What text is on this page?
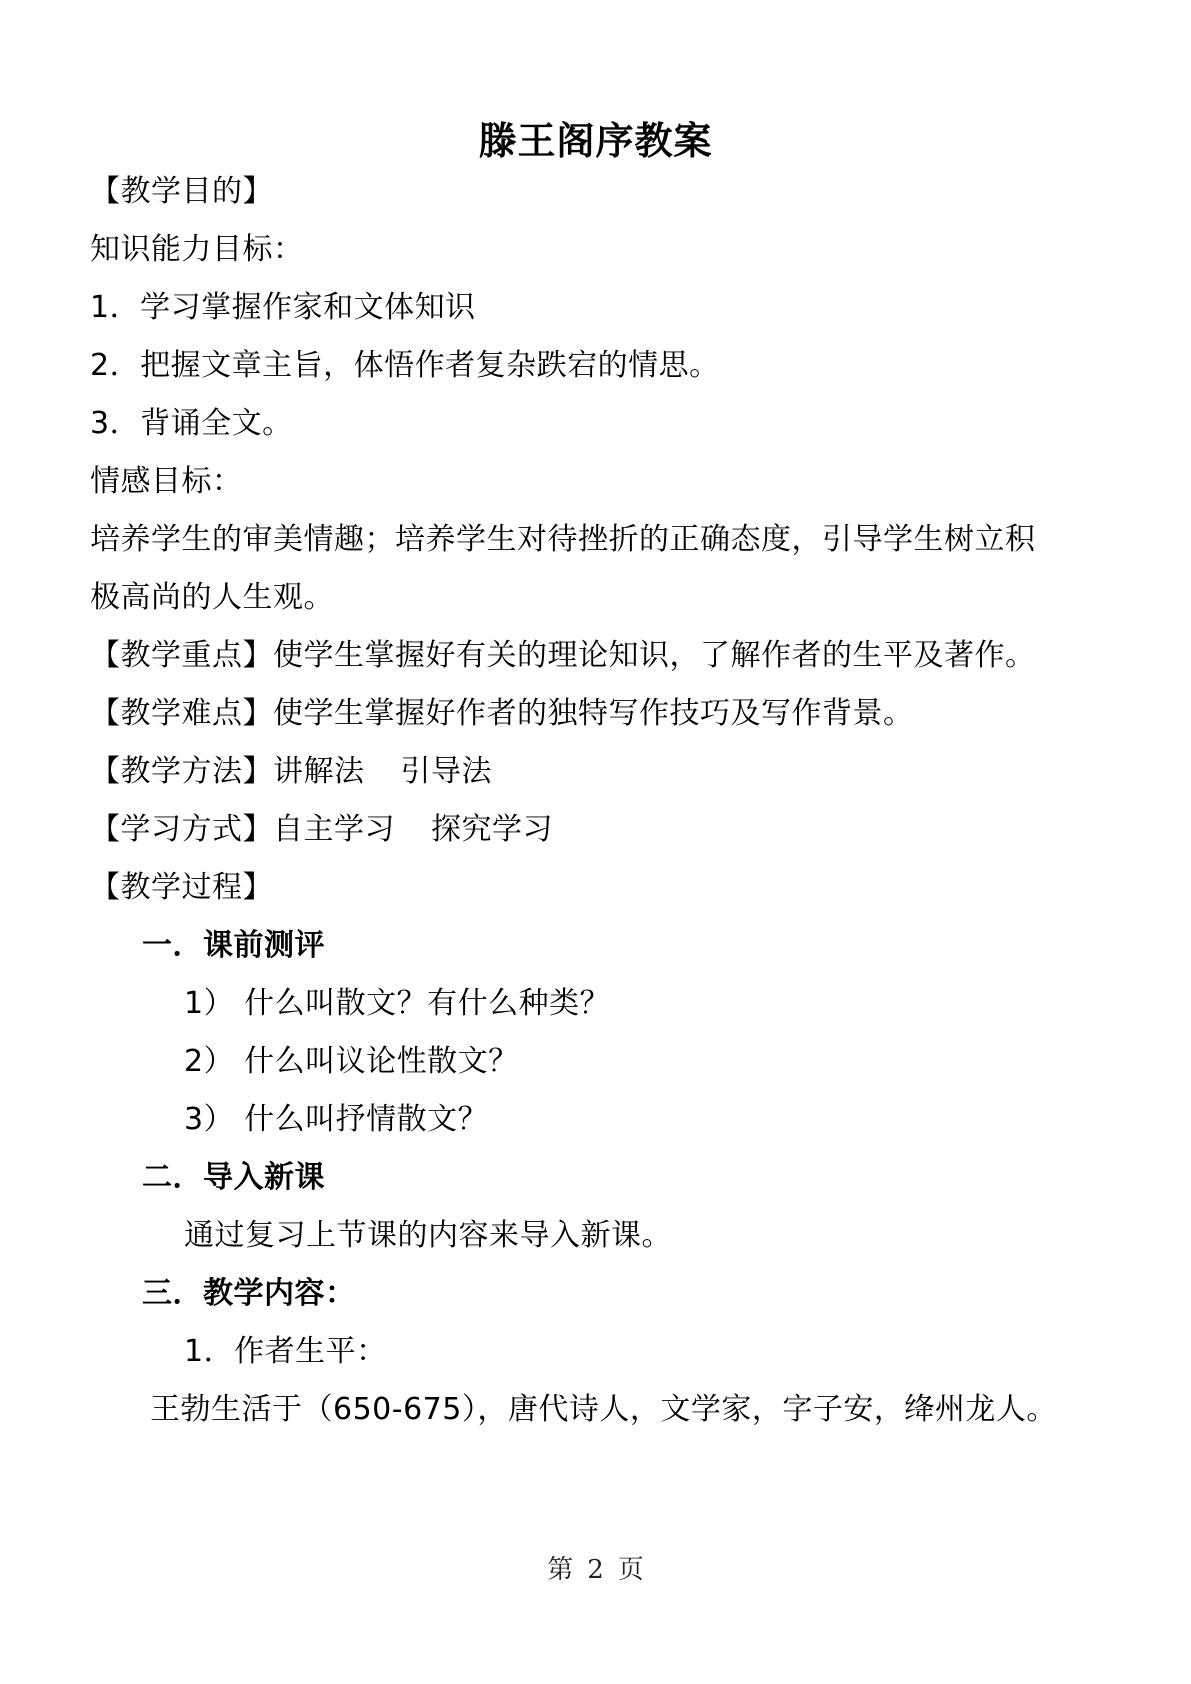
滕王阁序教案
【教学目的】
知识能力目标：
1．学习掌握作家和文体知识
2．把握文章主旨，体悟作者复杂跌宕的情思。
3．背诵全文。
情感目标：
培养学生的审美情趣；培养学生对待挫折的正确态度，引导学生树立积
极高尚的人生观。
【教学重点】使学生掌握好有关的理论知识，了解作者的生平及著作。
【教学难点】使学生掌握好作者的独特写作技巧及写作背景。
【教学方法】讲解法 引导法
【学习方式】自主学习 探究学习
【教学过程】
一．课前测评
1） 什么叫散文？有什么种类？
2） 什么叫议论性散文？
3） 什么叫抒情散文？
二．导入新课
通过复习上节课的内容来导入新课。
三．教学内容：
1．作者生平：
王勃生活于（650-675），唐代诗人，文学家，字子安，绛州龙人。
第 2 页
